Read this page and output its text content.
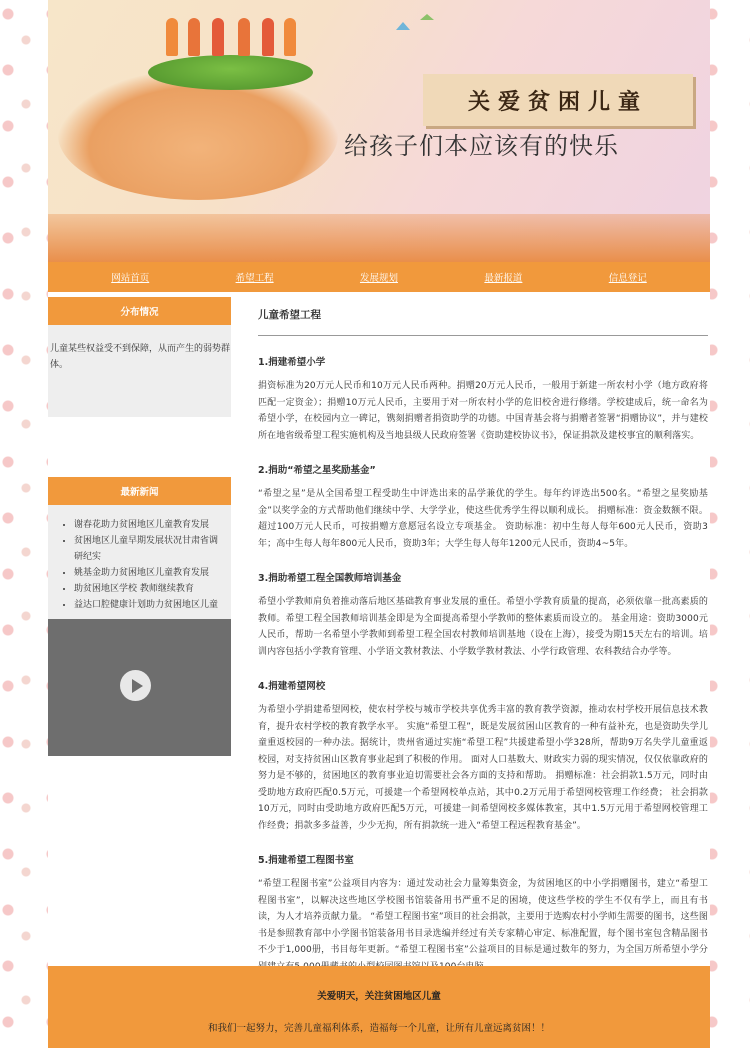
关爱贫困儿童
给孩子们本应该有的快乐
网站首页	希望工程	发展规划	最新报道	信息登记
分布情况
儿童某些权益受不到保障，从而产生的弱势群体。
最新新闻
• 谢春花助力贫困地区儿童教育发展
• 贫困地区儿童早期发展状况甘肃省调研纪实
• 姚基金助力贫困地区儿童教育发展
• 助贫困地区学校 教师继续教育
• 益达口腔健康计划助力贫困地区儿童
儿童希望工程
1.捐建希望小学

捐资标准为20万元人民币和10万元人民币两种。捐赠20万元人民币，一般用于新建一所农村小学（地方政府将匹配一定资金）；捐赠10万元人民币，主要用于对一所农村小学的危旧校舍进行修缮。学校建成后，统一命名为希望小学，在校园内立一碑记，镌刻捐赠者捐资助学的功德。中国青基会将与捐赠者签署“捐赠协议”，并与建校所在地省级希望工程实施机构及当地县级人民政府签署《资助建校协议书》，保证捐款及建校事宜的顺利落实。

2.捐助“希望之星奖励基金”

“希望之星”是从全国希望工程受助生中评选出来的品学兼优的学生。每年约评选出500名。“希望之星奖励基金”以奖学金的方式帮助他们继续中学、大学学业，使这些优秀学生得以顺利成长。 捐赠标准：资金数额不限。超过100万元人民币，可按捐赠方意愿冠名设立专项基金。 资助标准：初中生每人每年600元人民币，资助3年；高中生每人每年800元人民币，资助3年；大学生每人每年1200元人民币，资助4~5年。

3.捐助希望工程全国教师培训基金

希望小学教师肩负着推动落后地区基础教育事业发展的重任。希望小学教育质量的提高，必须依靠一批高素质的教师。希望工程全国教师培训基金即是为全面提高希望小学教师的整体素质而设立的。 基金用途：资助3000元人民币，帮助一名希望小学教师到希望工程全国农村教师培训基地（设在上海），接受为期15天左右的培训。培训内容包括小学教育管理、小学语文教材教法、小学数学教材教法、小学行政管理、农科教结合办学等。

4.捐建希望网校

为希望小学捐建希望网校，使农村学校与城市学校共享优秀丰富的教育教学资源，推动农村学校开展信息技术教育，提升农村学校的教育教学水平。 实施“希望工程”，既是发展贫困山区教育的一种有益补充，也是资助失学儿童重返校园的一种办法。据统计，贵州省通过实施“希望工程”共援建希望小学328所，帮助9万名失学儿童重返校园，对支持贫困山区教育事业起到了积极的作用。 面对人口基数大、财政实力弱的现实情况，仅仅依靠政府的努力是不够的，贫困地区的教育事业迫切需要社会各方面的支持和帮助。 捐赠标准：社会捐款1.5万元，同时由受助地方政府匹配0.5万元，可援建一个希望网校单点站，其中0.2万元用于希望网校管理工作经费； 社会捐款10万元，同时由受助地方政府匹配5万元，可援建一间希望网校多媒体教室，其中1.5万元用于希望网校管理工作经费；捐款多多益善，少少无拘，所有捐款统一进入“希望工程远程教育基金”。

5.捐建希望工程图书室

“希望工程图书室”公益项目内容为：通过发动社会力量筹集资金，为贫困地区的中小学捐赠图书，建立“希望工程图书室”，以解决这些地区学校图书馆装备用书严重不足的困境，使这些学校的学生不仅有学上，而且有书读，为人才培养贡献力量。 “希望工程图书室”项目的社会捐款，主要用于选购农村小学师生需要的图书，这些图书是参照教育部中小学图书馆装备用书目录选编并经过有关专家精心审定、标准配置，每个图书室包含精品图书不少于1,000册，书目每年更新。“希望工程图书室”公益项目的目标是通过数年的努力，为全国万所希望小学分

关爱明天，关注贫困地区儿童
和我们一起努力，完善儿童福利体系，造福每一个儿童，让所有儿童远离贫困！！
